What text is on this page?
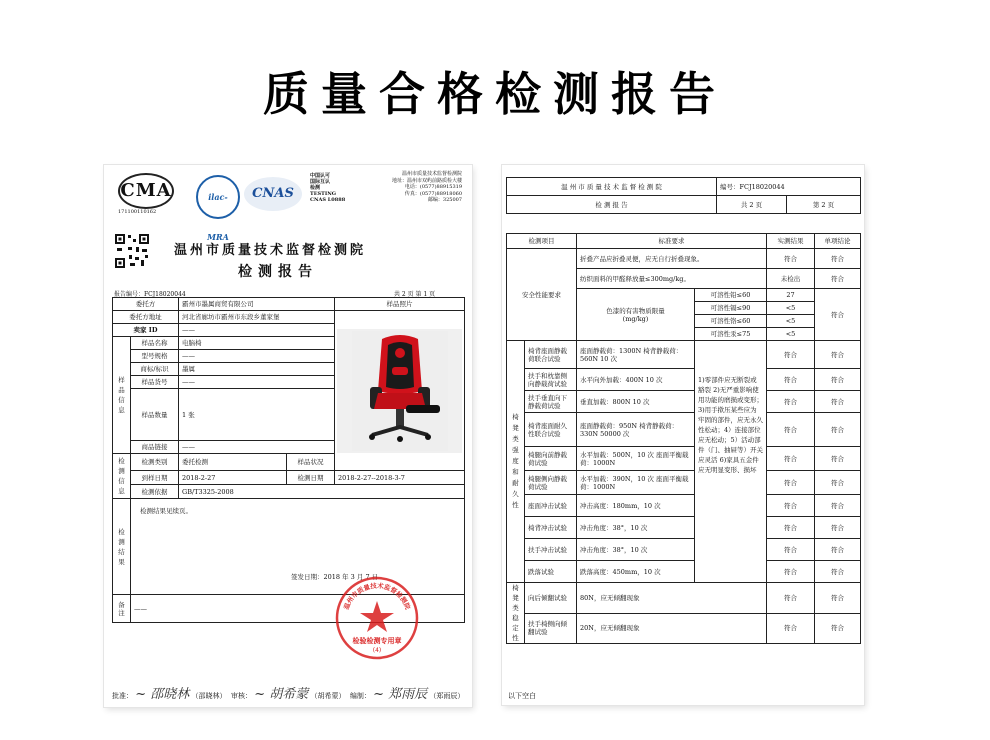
质量合格检测报告
CMA
171100110162
ilac-MRA
CNAS
中国认可
国际互认
检测
TESTING
CNAS L0888
温州市质量技术监督检测院
地址：温州市双屿前路质检大楼
电话：(0577)88915319
传真：(0577)88918060
邮编：325007
温州市质量技术监督检测院
检测报告
报告编号：FCJ18020044	共 2 页 第 1 页
委托方		霸州市墨属商贸有限公司		样品照片	
委托方地址		河北省廊坊市霸州市东段乡董家堡	

卖家 ID		——			
样品信息	样品名称	电脑椅			
	型号规格	——			
	商标/标识	墨属			
	样品货号	——			
	样品数量	1 张			
	商品链接	——			
检测信息	检测类别	委托检测	样品状况	
	到样日期	2018-2-27	检测日期	2018-2-27--2018-3-7	
	检测依据	GB/T3325-2008			
检测结果	检测结果见续页。
签发日期：2018 年 3 月 7 日				

备注	——					温州市质量技术监督检测院
检验检测专用章
(4)
批准： ~ 邵晓林 （邵晓林） 审核： ~ 胡希蒙 （胡希蒙） 编制： ~ 郑雨辰 （郑雨辰）
温 州 市 质 量 技 术 监 督 检 测 院	编号：FCJ18020044	
检 测 报 告	共 2 页	第 2 页
检测项目		标准要求		实测结果	单项结论
安全性能要求		折叠产品应折叠灵便，应无自行折叠现象。		符合	符合
		纺织面料的甲醛释放量≤300mg/kg。		未检出	符合

		色漆的有害物质限量
(mg/kg)	可溶性铅≤60	27	符合
			可溶性镉≤90	<5	
			可溶性铬≤60	<5	
			可溶性汞≤75	<5	
椅凳类强度和耐久性	椅背座面静载荷联合试验	座面静载荷：1300N 椅背静载荷：560N 10 次	1)零部件应无断裂或豁裂 2)无严重影响使用功能的磨损或变形；3)用手揿压某些应为牢固的部件，应无永久性松动；4）连接部位应无松动；5）活动部件（门、抽屉等）开关应灵活 6)家具五金件应无明显变形、损坏	符合	符合
	扶手和枕靠侧向静载荷试验	水平向外加载：400N 10 次		符合	符合
	扶手垂直向下静载荷试验	垂直加载：800N 10 次		符合	符合
	椅背座面耐久性联合试验	座面静载荷：950N 椅背静载荷：330N 50000 次		符合	符合
	椅腿向前静载荷试验	水平加载：500N，10 次 座面平衡载荷：1000N		符合	符合
	椅腿侧向静载荷试验	水平加载：390N，10 次 座面平衡载荷：1000N		符合	符合
	座面冲击试验	冲击高度：180mm，10 次		符合	符合
	椅背冲击试验	冲击角度：38°，10 次		符合	符合
	扶手冲击试验	冲击角度：38°，10 次		符合	符合
	跌落试验	跌落高度：450mm，10 次		符合	符合
椅凳类稳定性	向后倾翻试验	80N，应无倾翻现象		符合	符合
	扶手椅侧向倾翻试验	20N，应无倾翻现象		符合	符合
以下空白
